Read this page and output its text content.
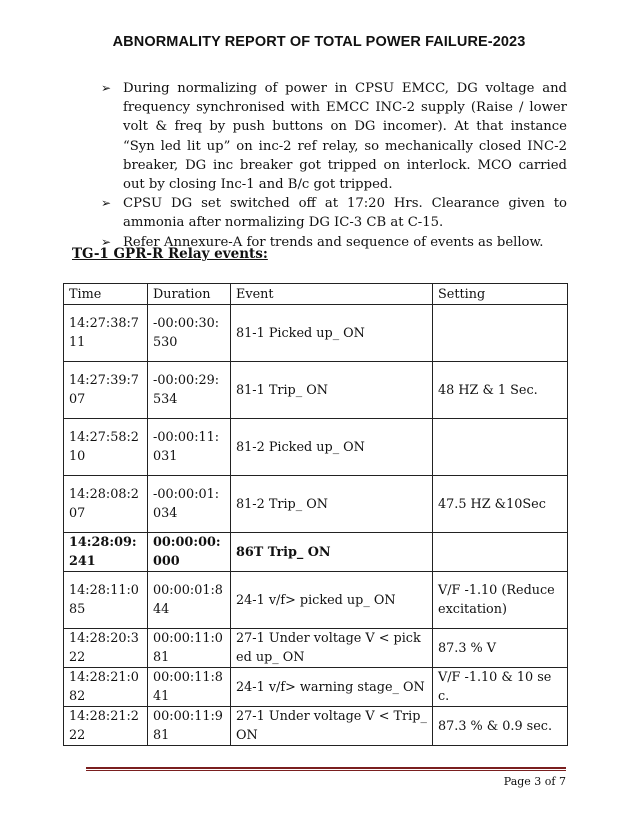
ABNORMALITY REPORT OF TOTAL POWER FAILURE-2023
➢ During normalizing of power in CPSU EMCC, DG voltage and frequency synchronised with EMCC INC-2 supply (Raise / lower volt & freq by push buttons on DG incomer). At that instance “Syn led lit up” on inc-2 ref relay, so mechanically closed INC-2 breaker, DG inc breaker got tripped on interlock. MCO carried out by closing Inc-1 and B/c got tripped.
➢ CPSU DG set switched off at 17:20 Hrs. Clearance given to ammonia after normalizing DG IC-3 CB at C-15.
➢ Refer Annexure-A for trends and sequence of events as bellow.
TG-1 GPR-R Relay events:
Time	Duration	Event	Setting
14:27:38:711	-00:00:30:530	81-1 Picked up_ ON	
14:27:39:707	-00:00:29:534	81-1 Trip_ ON	48 HZ & 1 Sec.
14:27:58:210	-00:00:11:031	81-2 Picked up_ ON	
14:28:08:207	-00:00:01:034	81-2 Trip_ ON	47.5 HZ &10Sec
14:28:09:241	00:00:00:000	86T Trip_ ON	
14:28:11:085	00:00:01:844	24-1 v/f> picked up_ ON	V/F -1.10 (Reduce excitation)
14:28:20:322	00:00:11:081	27-1 Under voltage V < picked up_ ON	87.3 % V
14:28:21:082	00:00:11:841	24-1 v/f> warning stage_ ON	V/F -1.10 & 10 sec.
14:28:21:222	00:00:11:981	27-1 Under voltage V < Trip_ ON	87.3 % & 0.9 sec.
Page 3 of 7
